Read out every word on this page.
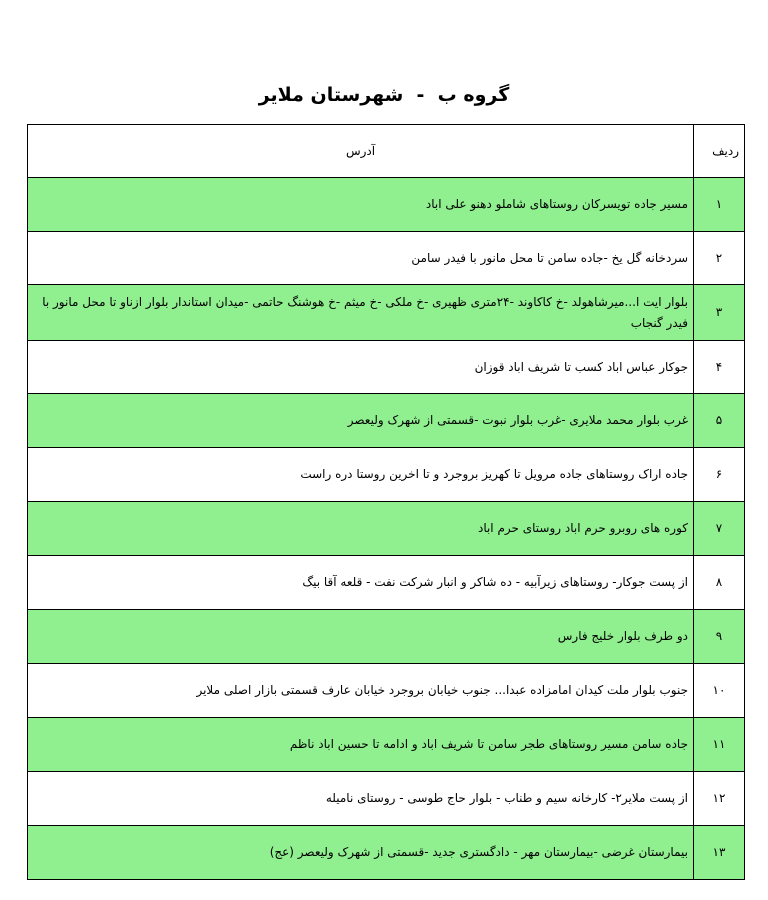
گروه ب  -  شهرستان ملایر
ردیف	آدرس
۱	مسیر جاده تویسرکان روستاهای شاملو دهنو علی اباد
۲	سردخانه گل یخ -جاده سامن تا محل مانور با فیدر سامن
۳	بلوار ایت ا...میرشاهولد -خ کاکاوند -۲۴متری ظهیری -خ ملکی -خ میثم -خ هوشنگ حاتمی -میدان استاندار بلوار ازناو تا محل مانور با فیدر گنجاب
۴	جوکار عباس اباد کسب تا شریف اباد قوزان
۵	غرب بلوار محمد ملایری -غرب بلوار نبوت -قسمتی از شهرک ولیعصر
۶	جاده اراک روستاهای جاده مرویل تا کهریز بروجرد و تا اخرین روستا دره راست
۷	کوره های روبرو حرم اباد روستای حرم اباد
۸	از پست جوکار- روستاهای زیرآبیه - ده شاکر و انبار شرکت نفت - قلعه آقا بیگ
۹	دو طرف بلوار خلیج فارس
۱۰	جنوب بلوار ملت کیدان امامزاده عبدا... جنوب خیابان بروجرد خیابان عارف قسمتی بازار اصلی ملایر
۱۱	جاده سامن مسیر روستاهای طجر سامن تا شریف اباد و ادامه تا حسین اباد ناظم
۱۲	از پست ملایر۲- کارخانه سیم و طناب - بلوار حاج طوسی - روستای نامیله
۱۳	بیمارستان غرضی -بیمارستان مهر - دادگستری جدید -قسمتی از شهرک ولیعصر (عج)
